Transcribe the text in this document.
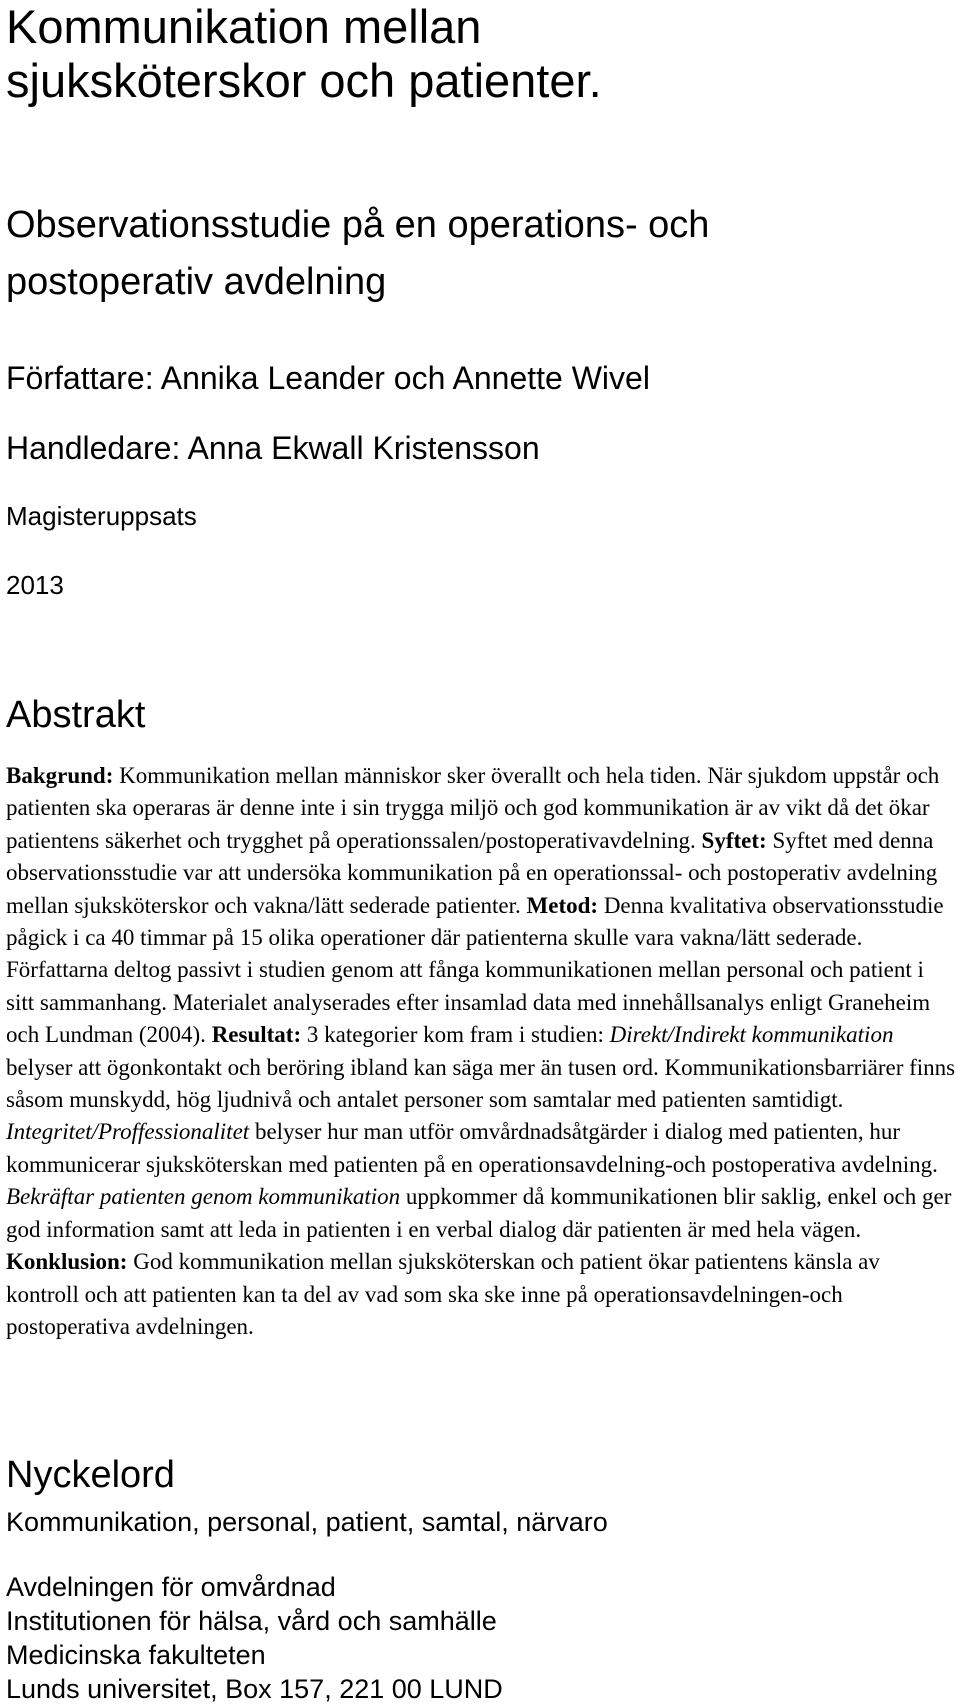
Kommunikation mellan
sjuksköterskor och patienter.
Observationsstudie på en operations- och
postoperativ avdelning

Författare: Annika Leander och Annette Wivel

Handledare: Anna Ekwall Kristensson

Magisteruppsats

2013

Abstrakt

Bakgrund: Kommunikation mellan människor sker överallt och hela tiden. När sjukdom uppstår och patienten ska operaras är denne inte i sin trygga miljö och god kommunikation är av vikt då det ökar patientens säkerhet och trygghet på operationssalen/postoperativavdelning. Syftet: Syftet med denna observationsstudie var att undersöka kommunikation på en operationssal- och postoperativ avdelning mellan sjuksköterskor och vakna/lätt sederade patienter. Metod: Denna kvalitativa observationsstudie pågick i ca 40 timmar på 15 olika operationer där patienterna skulle vara vakna/lätt sederade. Författarna deltog passivt i studien genom att fånga kommunikationen mellan personal och patient i sitt sammanhang. Materialet analyserades efter insamlad data med innehållsanalys enligt Graneheim och Lundman (2004). Resultat: 3 kategorier kom fram i studien: Direkt/Indirekt kommunikation belyser att ögonkontakt och beröring ibland kan säga mer än tusen ord. Kommunikationsbarriärer finns såsom munskydd, hög ljudnivå och antalet personer som samtalar med patienten samtidigt. Integritet/Proffessionalitet belyser hur man utför omvårdnadsåtgärder i dialog med patienten, hur kommunicerar sjuksköterskan med patienten på en operationsavdelning-och postoperativa avdelning. Bekräftar patienten genom kommunikation uppkommer då kommunikationen blir saklig, enkel och ger god information samt att leda in patienten i en verbal dialog där patienten är med hela vägen. Konklusion: God kommunikation mellan sjuksköterskan och patient ökar patientens känsla av kontroll och att patienten kan ta del av vad som ska ske inne på operationsavdelningen-och postoperativa avdelningen.

Nyckelord

Kommunikation, personal, patient, samtal, närvaro

Avdelningen för omvårdnad
Institutionen för hälsa, vård och samhälle
Medicinska fakulteten
Lunds universitet, Box 157, 221 00 LUND
